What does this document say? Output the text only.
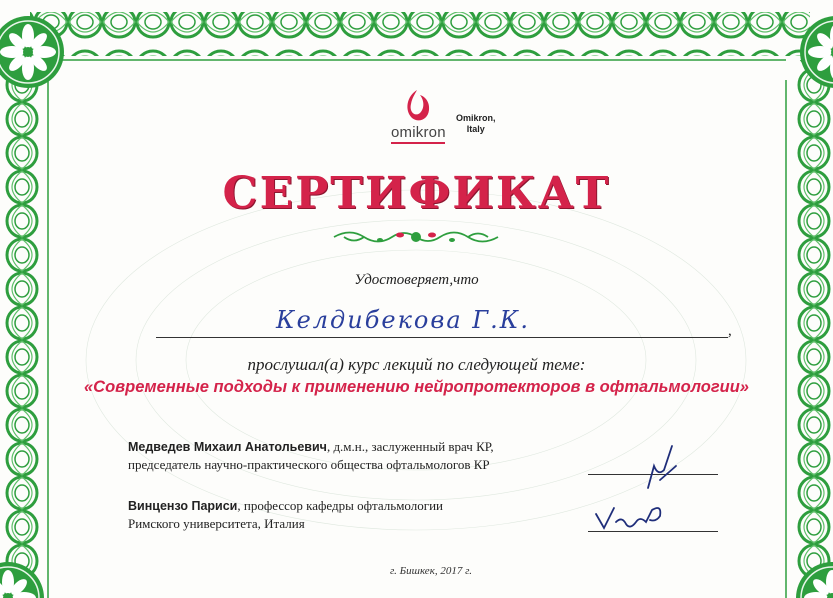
omikron
Omikron,
Italy
СЕРТИФИКАТ
Удостоверяет,что
Келдибекова Г.К.	,
прослушал(а) курс лекций по следующей теме:
«Современные подходы к применению нейропротекторов в офтальмологии»
Медведев Михаил Анатольевич, д.м.н., заслуженный врач КР,
председатель научно-практического общества офтальмологов КР
Винцензо Париси, профессор кафедры офтальмологии
Римского университета, Италия
г. Бишкек, 2017 г.
